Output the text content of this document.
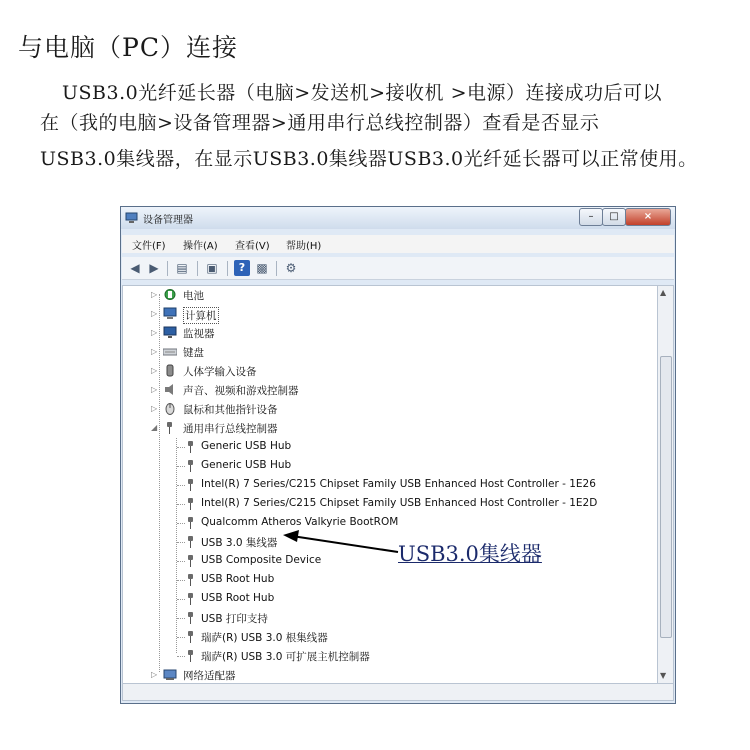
与电脑（PC）连接
USB3.0光纤延长器（电脑>发送机>接收机 >电源）连接成功后可以
在（我的电脑>设备管理器>通用串行总线控制器）查看是否显示
USB3.0集线器，在显示USB3.0集线器USB3.0光纤延长器可以正常使用。
设备管理器	–	□	×
文件(F) 操作(A) 查看(V) 帮助(H)
◀ ▶ ▤ ▣	? ▩ ⚙
▷ 电池
▷	计算机
▷ 监视器
▷ 键盘
▷ 人体学输入设备
▷ 声音、视频和游戏控制器
▷ 鼠标和其他指针设备
◢ 通用串行总线控制器
Generic USB Hub
Generic USB Hub
Intel(R) 7 Series/C215 Chipset Family USB Enhanced Host Controller - 1E26
Intel(R) 7 Series/C215 Chipset Family USB Enhanced Host Controller - 1E2D
Qualcomm Atheros Valkyrie BootROM
USB 3.0 集线器
USB Composite Device
USB Root Hub
USB Root Hub
USB 打印支持
瑞萨(R) USB 3.0 根集线器
瑞萨(R) USB 3.0 可扩展主机控制器
▷ 网络适配器
▲
▼
USB3.0集线器
